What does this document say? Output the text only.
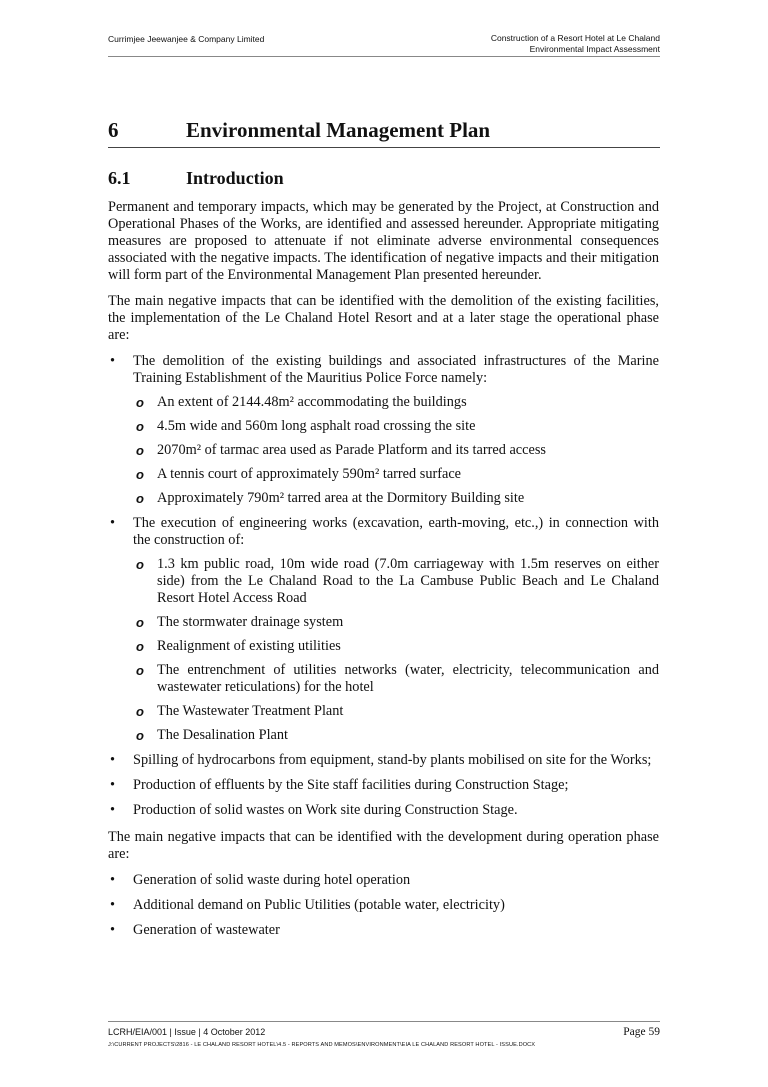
Currimjee Jeewanjee & Company Limited	Construction of a Resort Hotel at Le Chaland
Environmental Impact Assessment
6	Environmental Management Plan
6.1	Introduction

Permanent and temporary impacts, which may be generated by the Project, at Construction and Operational Phases of the Works, are identified and assessed hereunder. Appropriate mitigating measures are proposed to attenuate if not eliminate adverse environmental consequences associated with the negative impacts. The identification of negative impacts and their mitigation will form part of the Environmental Management Plan presented hereunder.

The main negative impacts that can be identified with the demolition of the existing facilities, the implementation of the Le Chaland Hotel Resort and at a later stage the operational phase are:

• The demolition of the existing buildings and associated infrastructures of the Marine Training Establishment of the Mauritius Police Force namely:
o An extent of 2144.48m² accommodating the buildings
o 4.5m wide and 560m long asphalt road crossing the site
o 2070m² of tarmac area used as Parade Platform and its tarred access
o A tennis court of approximately 590m² tarred surface
o Approximately 790m² tarred area at the Dormitory Building site
• The execution of engineering works (excavation, earth-moving, etc.,) in connection with the construction of:
o 1.3 km public road, 10m wide road (7.0m carriageway with 1.5m reserves on either side) from the Le Chaland Road to the La Cambuse Public Beach and Le Chaland Resort Hotel Access Road
o The stormwater drainage system
o Realignment of existing utilities
o The entrenchment of utilities networks (water, electricity, telecommunication and wastewater reticulations) for the hotel
o The Wastewater Treatment Plant
o The Desalination Plant
• Spilling of hydrocarbons from equipment, stand-by plants mobilised on site for the Works;
• Production of effluents by the Site staff facilities during Construction Stage;
• Production of solid wastes on Work site during Construction Stage.

The main negative impacts that can be identified with the development during operation phase are:

• Generation of solid waste during hotel operation
• Additional demand on Public Utilities (potable water, electricity)
• Generation of wastewater
LCRH/EIA/001 | Issue | 4 October 2012	Page 59
J:\CURRENT PROJECTS\2816 - LE CHALAND RESORT HOTEL\4.5 - REPORTS AND MEMOS\ENVIRONMENT\EIA LE CHALAND RESORT HOTEL - ISSUE.DOCX
